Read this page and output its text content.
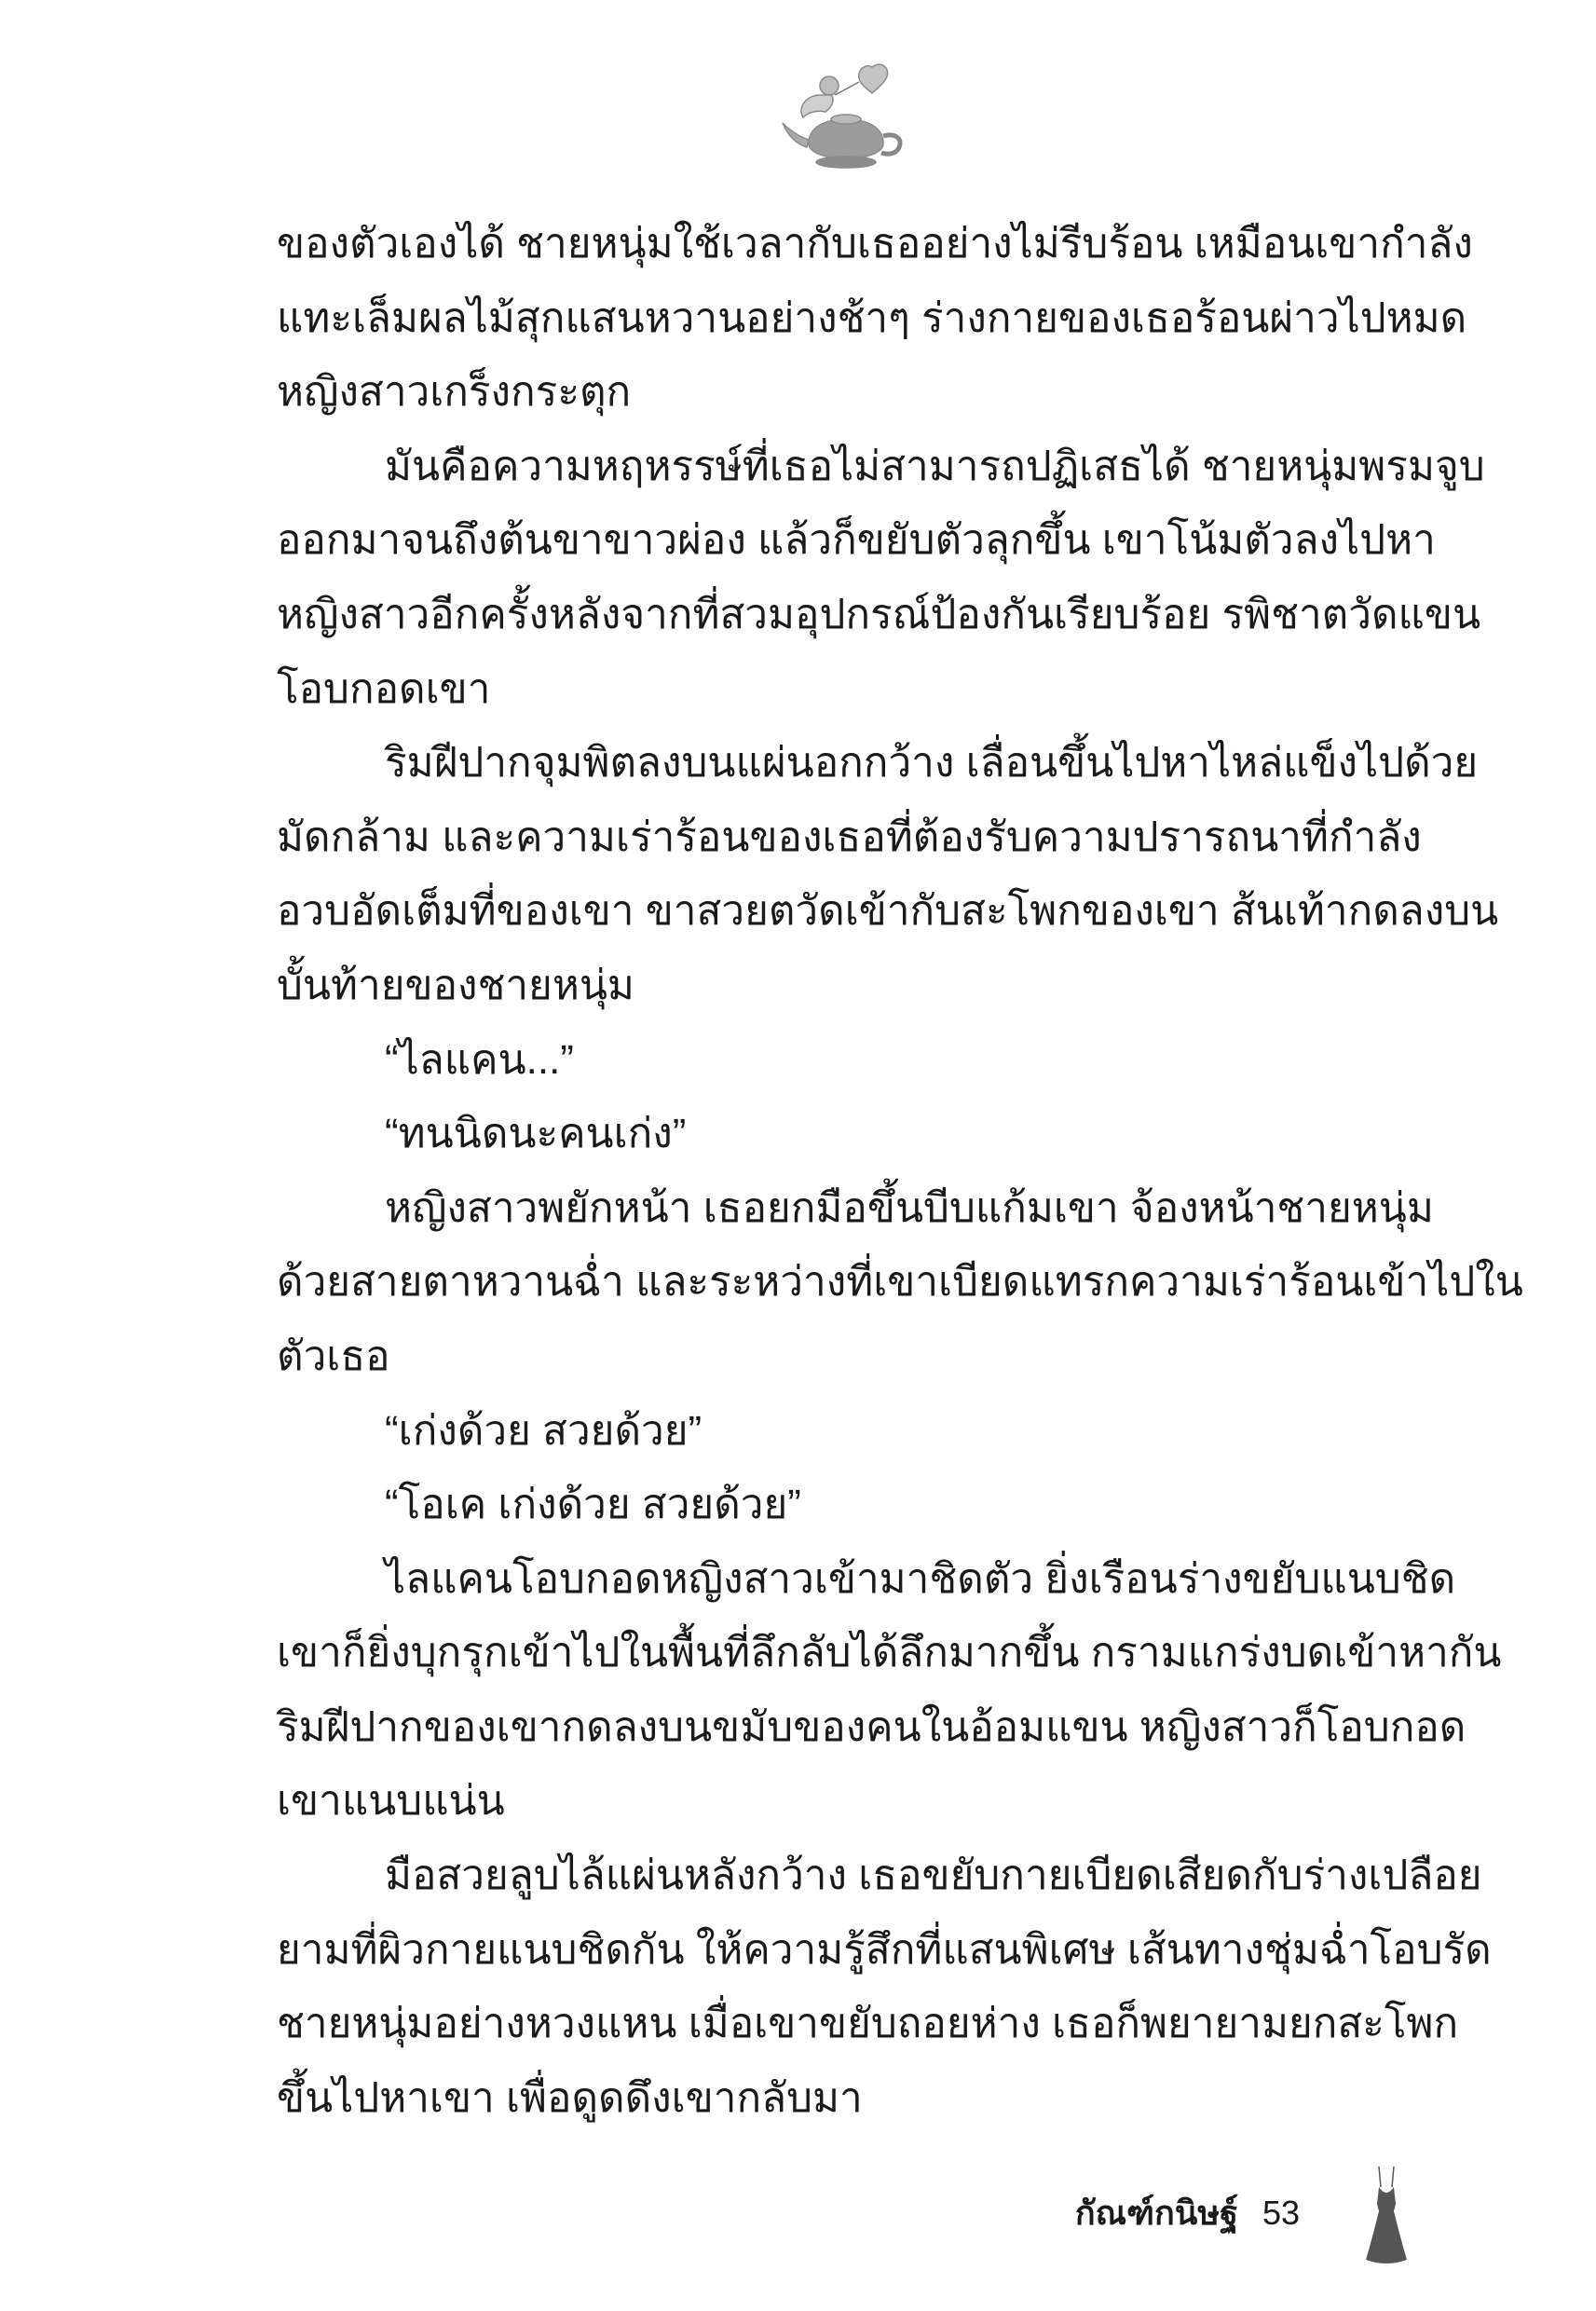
ของตัวเองได้ ชายหนุ่มใช้เวลากับเธออย่างไม่รีบร้อน เหมือนเขากำลัง
แทะเล็มผลไม้สุกแสนหวานอย่างช้าๆ ร่างกายของเธอร้อนผ่าวไปหมด
หญิงสาวเกร็งกระตุก
มันคือความหฤหรรษ์ที่เธอไม่สามารถปฏิเสธได้ ชายหนุ่มพรมจูบ
ออกมาจนถึงต้นขาขาวผ่อง แล้วก็ขยับตัวลุกขึ้น เขาโน้มตัวลงไปหา
หญิงสาวอีกครั้งหลังจากที่สวมอุปกรณ์ป้องกันเรียบร้อย รพิชาตวัดแขน
โอบกอดเขา
ริมฝีปากจุมพิตลงบนแผ่นอกกว้าง เลื่อนขึ้นไปหาไหล่แข็งไปด้วย
มัดกล้าม และความเร่าร้อนของเธอที่ต้องรับความปรารถนาที่กำลัง
อวบอัดเต็มที่ของเขา ขาสวยตวัดเข้ากับสะโพกของเขา ส้นเท้ากดลงบน
บั้นท้ายของชายหนุ่ม
“ไลแคน...”
“ทนนิดนะคนเก่ง”
หญิงสาวพยักหน้า เธอยกมือขึ้นบีบแก้มเขา จ้องหน้าชายหนุ่ม
ด้วยสายตาหวานฉ่ำ และระหว่างที่เขาเบียดแทรกความเร่าร้อนเข้าไปใน
ตัวเธอ
“เก่งด้วย สวยด้วย”
“โอเค เก่งด้วย สวยด้วย”
ไลแคนโอบกอดหญิงสาวเข้ามาชิดตัว ยิ่งเรือนร่างขยับแนบชิด
เขาก็ยิ่งบุกรุกเข้าไปในพื้นที่ลึกลับได้ลึกมากขึ้น กรามแกร่งบดเข้าหากัน
ริมฝีปากของเขากดลงบนขมับของคนในอ้อมแขน หญิงสาวก็โอบกอด
เขาแนบแน่น
มือสวยลูบไล้แผ่นหลังกว้าง เธอขยับกายเบียดเสียดกับร่างเปลือย
ยามที่ผิวกายแนบชิดกัน ให้ความรู้สึกที่แสนพิเศษ เส้นทางชุ่มฉ่ำโอบรัด
ชายหนุ่มอย่างหวงแหน เมื่อเขาขยับถอยห่าง เธอก็พยายามยกสะโพก
ขึ้นไปหาเขา เพื่อดูดดึงเขากลับมา
กัณฑ์กนิษฐ์ 53
